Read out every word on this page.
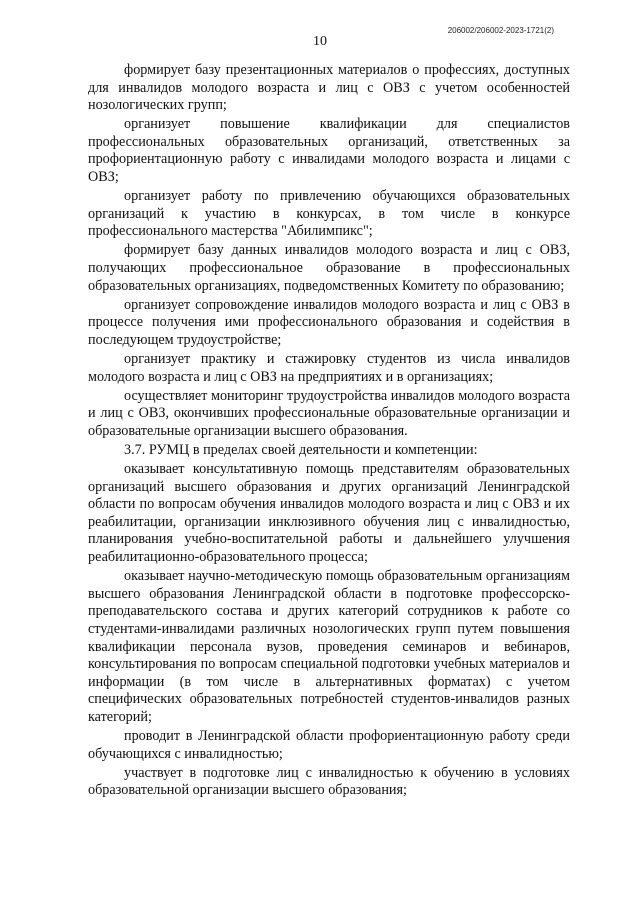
206002/206002-2023-1721(2)
10

формирует базу презентационных материалов о профессиях, доступных для инвалидов молодого возраста и лиц с ОВЗ с учетом особенностей нозологических групп;

организует повышение квалификации для специалистов профессиональных образовательных организаций, ответственных за профориентационную работу с инвалидами молодого возраста и лицами с ОВЗ;

организует работу по привлечению обучающихся образовательных организаций к участию в конкурсах, в том числе в конкурсе профессионального мастерства "Абилимпикс";

формирует базу данных инвалидов молодого возраста и лиц с ОВЗ, получающих профессиональное образование в профессиональных образовательных организациях, подведомственных Комитету по образованию;

организует сопровождение инвалидов молодого возраста и лиц с ОВЗ в процессе получения ими профессионального образования и содействия в последующем трудоустройстве;

организует практику и стажировку студентов из числа инвалидов молодого возраста и лиц с ОВЗ на предприятиях и в организациях;

осуществляет мониторинг трудоустройства инвалидов молодого возраста и лиц с ОВЗ, окончивших профессиональные образовательные организации и образовательные организации высшего образования.

3.7. РУМЦ в пределах своей деятельности и компетенции:

оказывает консультативную помощь представителям образовательных организаций высшего образования и других организаций Ленинградской области по вопросам обучения инвалидов молодого возраста и лиц с ОВЗ и их реабилитации, организации инклюзивного обучения лиц с инвалидностью, планирования учебно-воспитательной работы и дальнейшего улучшения реабилитационно-образовательного процесса;

оказывает научно-методическую помощь образовательным организациям высшего образования Ленинградской области в подготовке профессорско-преподавательского состава и других категорий сотрудников к работе со студентами-инвалидами различных нозологических групп путем повышения квалификации персонала вузов, проведения семинаров и вебинаров, консультирования по вопросам специальной подготовки учебных материалов и информации (в том числе в альтернативных форматах) с учетом специфических образовательных потребностей студентов-инвалидов разных категорий;

проводит в Ленинградской области профориентационную работу среди обучающихся с инвалидностью;

участвует в подготовке лиц с инвалидностью к обучению в условиях образовательной организации высшего образования;
